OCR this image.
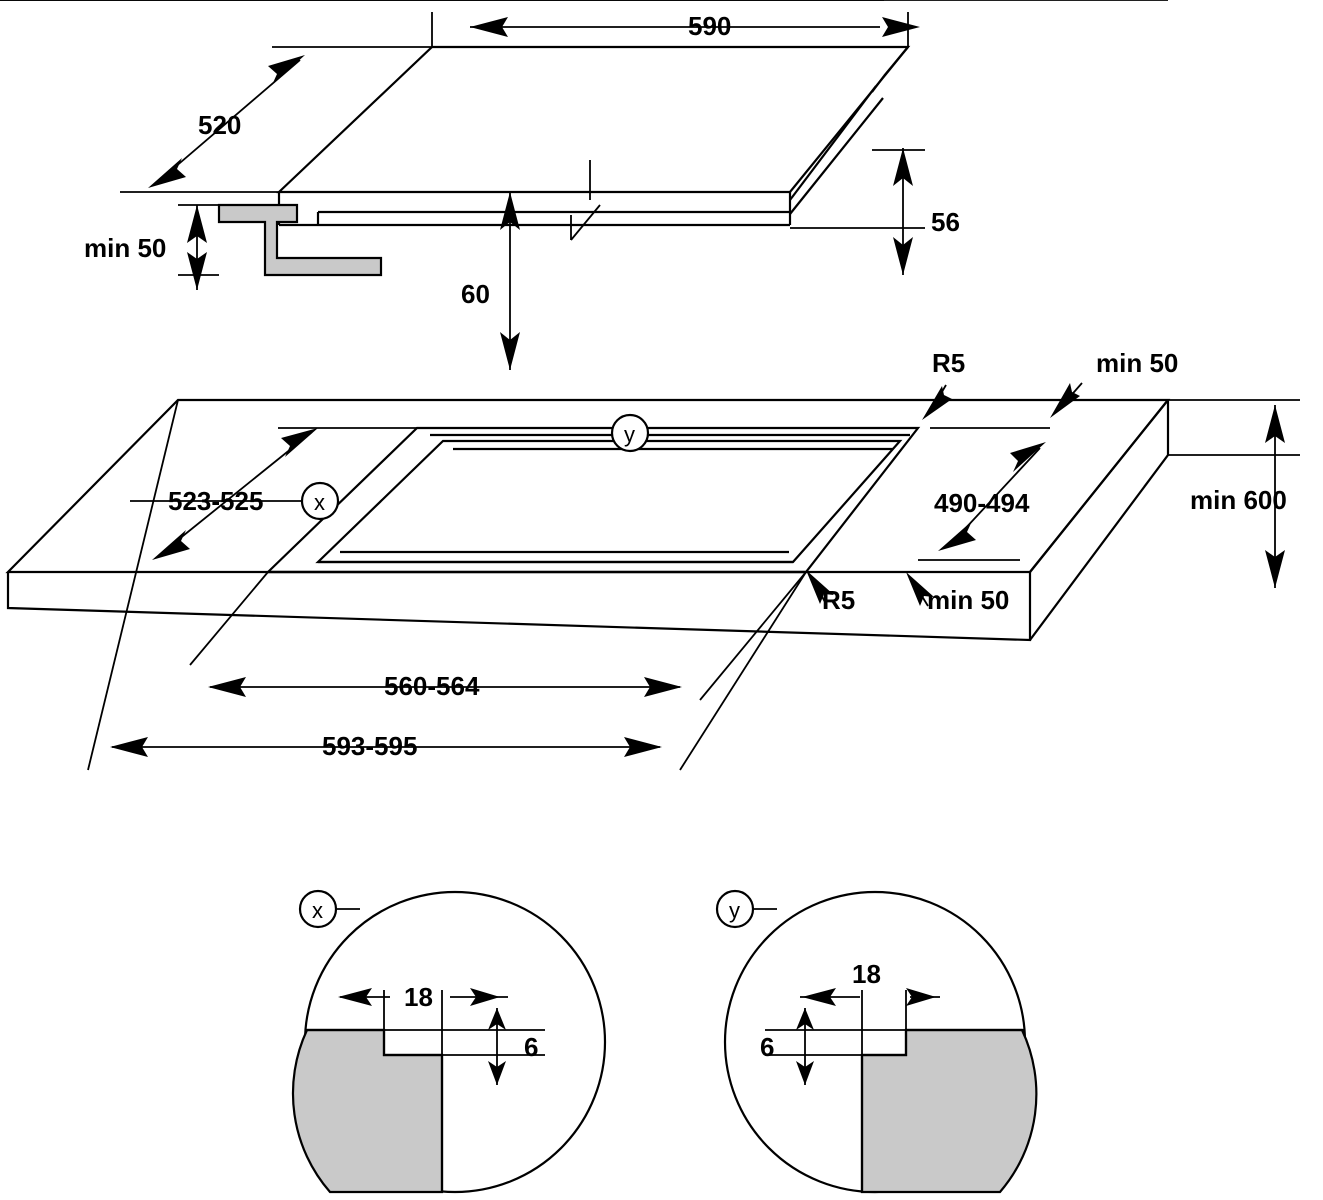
590
520
min 50
56
60
R5	min 50
min 600
490-494
523-525
R5	min 50
560-564
593-595
x
y
x	y
18
6
18
6
